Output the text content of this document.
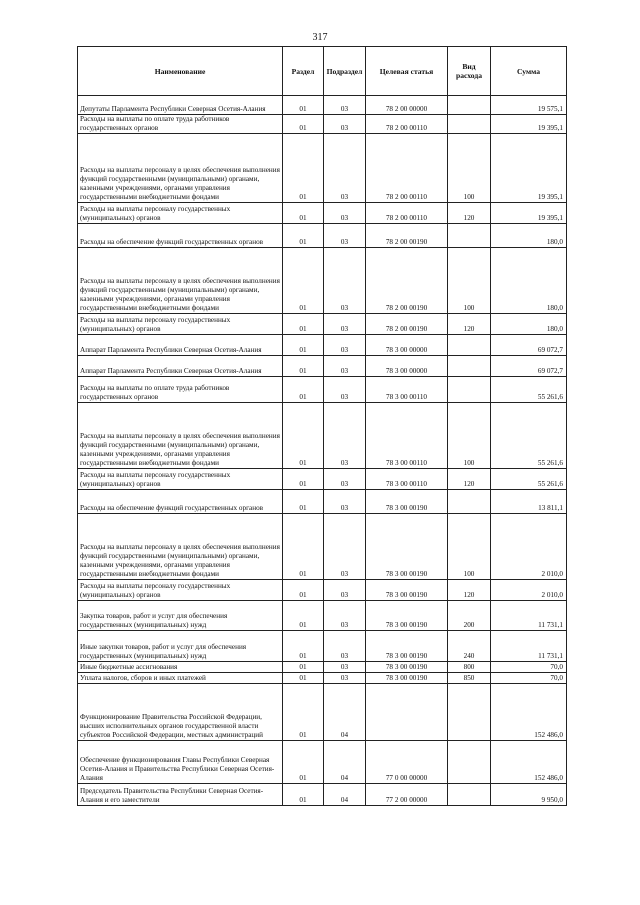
317
Наименование	Раздел	Подраздел	Целевая статья	Вид расхода	Сумма
Депутаты Парламента Республики Северная Осетия-Алания	01	03	78 2 00 00000		19 575,1
Расходы на выплаты по оплате труда работников государственных органов	01	03	78 2 00 00110		19 395,1
Расходы на выплаты персоналу в целях обеспечения выполнения функций государственными (муниципальными) органами, казенными учреждениями, органами управления государственными внебюджетными фондами	01	03	78 2 00 00110	100	19 395,1
Расходы на выплаты персоналу государственных (муниципальных) органов	01	03	78 2 00 00110	120	19 395,1
Расходы на обеспечение функций государственных органов	01	03	78 2 00 00190		180,0
Расходы на выплаты персоналу в целях обеспечения выполнения функций государственными (муниципальными) органами, казенными учреждениями, органами управления государственными внебюджетными фондами	01	03	78 2 00 00190	100	180,0
Расходы на выплаты персоналу государственных (муниципальных) органов	01	03	78 2 00 00190	120	180,0
Аппарат Парламента Республики Северная Осетия-Алания	01	03	78 3 00 00000		69 072,7
Аппарат Парламента Республики Северная Осетия-Алания	01	03	78 3 00 00000		69 072,7
Расходы на выплаты по оплате труда работников государственных органов	01	03	78 3 00 00110		55 261,6
Расходы на выплаты персоналу в целях обеспечения выполнения функций государственными (муниципальными) органами, казенными учреждениями, органами управления государственными внебюджетными фондами	01	03	78 3 00 00110	100	55 261,6
Расходы на выплаты персоналу государственных (муниципальных) органов	01	03	78 3 00 00110	120	55 261,6
Расходы на обеспечение функций государственных органов	01	03	78 3 00 00190		13 811,1
Расходы на выплаты персоналу в целях обеспечения выполнения функций государственными (муниципальными) органами, казенными учреждениями, органами управления государственными внебюджетными фондами	01	03	78 3 00 00190	100	2 010,0
Расходы на выплаты персоналу государственных (муниципальных) органов	01	03	78 3 00 00190	120	2 010,0
Закупка товаров, работ и услуг для обеспечения государственных (муниципальных) нужд	01	03	78 3 00 00190	200	11 731,1
Иные закупки товаров, работ и услуг для обеспечения государственных (муниципальных) нужд	01	03	78 3 00 00190	240	11 731,1
Иные бюджетные ассигнования	01	03	78 3 00 00190	800	70,0
Уплата налогов, сборов и иных платежей	01	03	78 3 00 00190	850	70,0
Функционирование Правительства Российской Федерации, высших исполнительных органов государственной власти субъектов Российской Федерации, местных администраций	01	04			152 486,0
Обеспечение функционирования Главы Республики Северная Осетия-Алания и Правительства Республики Северная Осетия-Алания	01	04	77 0 00 00000		152 486,0
Председатель Правительства Республики Северная Осетия-Алания и его заместители	01	04	77 2 00 00000		9 950,0
